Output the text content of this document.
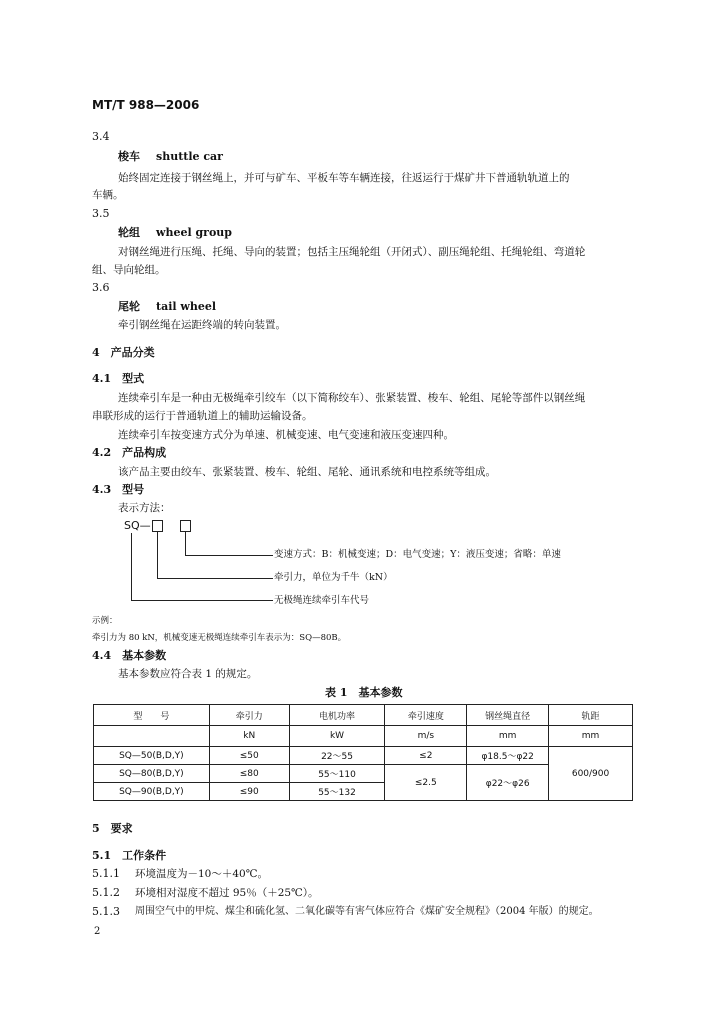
MT/T 988—2006
3.4
梭车 shuttle car
始终固定连接于钢丝绳上，并可与矿车、平板车等车辆连接，往返运行于煤矿井下普通轨轨道上的
车辆。
3.5
轮组 wheel group
对钢丝绳进行压绳、托绳、导向的装置；包括主压绳轮组（开闭式）、副压绳轮组、托绳轮组、弯道轮
组、导向轮组。
3.6
尾轮 tail wheel
牵引钢丝绳在运距终端的转向装置。
4　产品分类
4.1　型式
连续牵引车是一种由无极绳牵引绞车（以下简称绞车）、张紧装置、梭车、轮组、尾轮等部件以钢丝绳
串联形成的运行于普通轨道上的辅助运输设备。
连续牵引车按变速方式分为单速、机械变速、电气变速和液压变速四种。
4.2　产品构成
该产品主要由绞车、张紧装置、梭车、轮组、尾轮、通讯系统和电控系统等组成。
4.3　型号
表示方法：
SQ—
变速方式：B：机械变速；D：电气变速；Y：液压变速；省略：单速
牵引力，单位为千牛（kN）
无极绳连续牵引车代号
示例：
牵引力为 80 kN，机械变速无极绳连续牵引车表示为：SQ—80B。
4.4　基本参数
基本参数应符合表 1 的规定。
表 1　基本参数
型　　号	牵引力	电机功率	牵引速度	钢丝绳直径	轨距
	kN	kW	m/s	mm	mm
SQ—50(B,D,Y)	≤50	22～55	≤2	φ18.5～φ22	600/900
SQ—80(B,D,Y)	≤80	55～110	≤2.5	φ22～φ26	
SQ—90(B,D,Y)	≤90	55～132			
5　要求
5.1　工作条件
5.1.1 环境温度为－10～＋40℃。
5.1.2 环境相对湿度不超过 95％（＋25℃）。
5.1.3 周围空气中的甲烷、煤尘和硫化氢、二氧化碳等有害气体应符合《煤矿安全规程》（2004 年版）的规定。
2
